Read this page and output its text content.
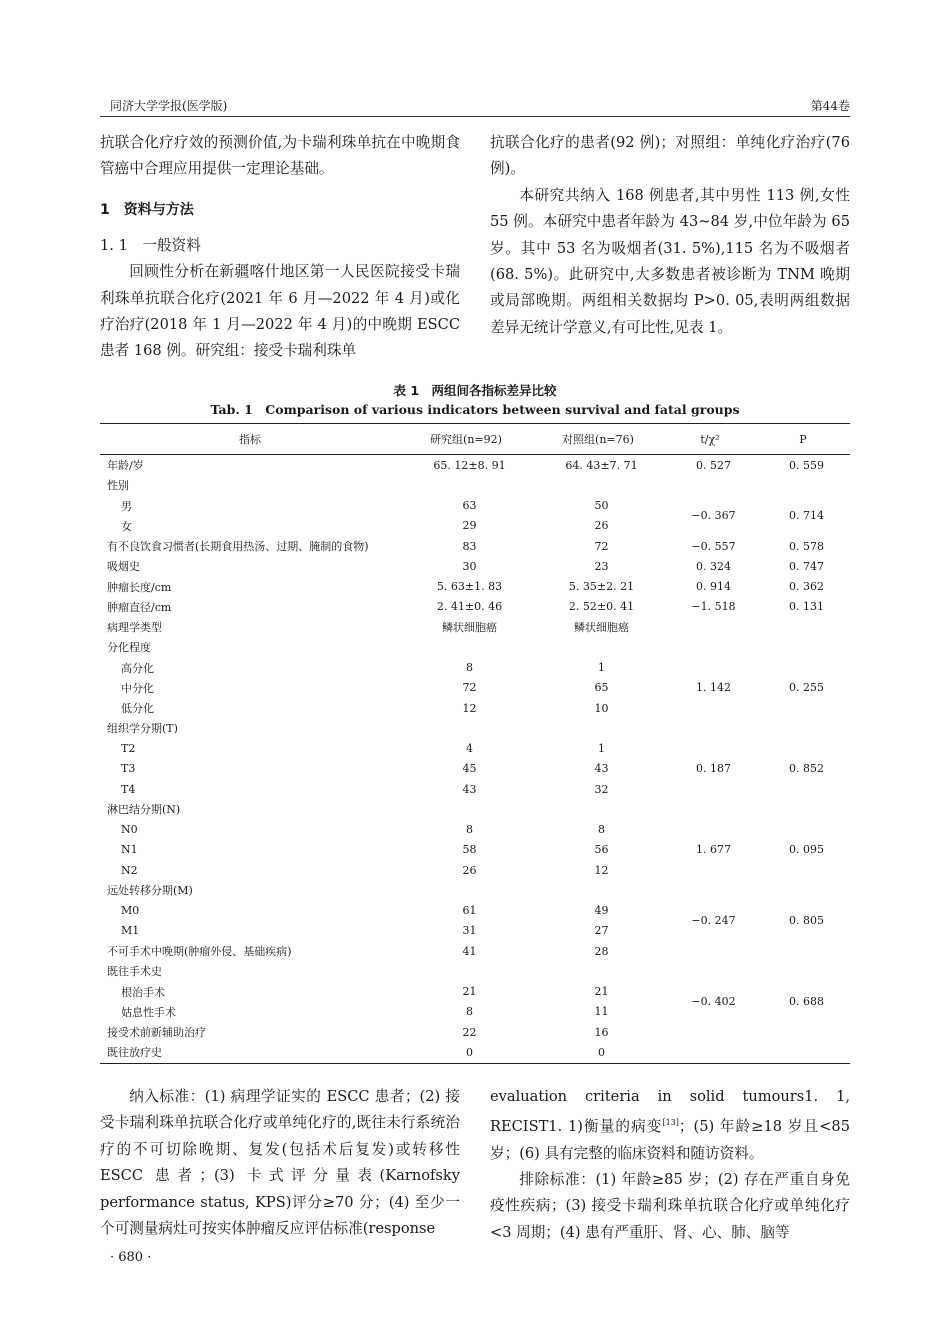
同济大学学报(医学版)	第44卷

抗联合化疗疗效的预测价值,为卡瑞利珠单抗在中晚期食管癌中合理应用提供一定理论基础。

1　资料与方法

1. 1　一般资料

回顾性分析在新疆喀什地区第一人民医院接受卡瑞利珠单抗联合化疗(2021 年 6 月—2022 年 4 月)或化疗治疗(2018 年 1 月—2022 年 4 月)的中晚期 ESCC 患者 168 例。研究组：接受卡瑞利珠单

抗联合化疗的患者(92 例)；对照组：单纯化疗治疗(76 例)。

本研究共纳入 168 例患者,其中男性 113 例,女性 55 例。本研究中患者年龄为 43~84 岁,中位年龄为 65 岁。其中 53 名为吸烟者(31. 5%),115 名为不吸烟者(68. 5%)。此研究中,大多数患者被诊断为 TNM 晚期或局部晚期。两组相关数据均 P>0. 05,表明两组数据差异无统计学意义,有可比性,见表 1。

表 1　两组间各指标差异比较
Tab. 1　Comparison of various indicators between survival and fatal groups
指标	研究组(n=92)	对照组(n=76)	t/χ²	P
年龄/岁	65. 12±8. 91	64. 43±7. 71	0. 527	0. 559
性别				
男	63	50	−0. 367	0. 714
女	29	26		
有不良饮食习惯者(长期食用热汤、过期、腌制的食物)	83	72	−0. 557	0. 578
吸烟史	30	23	0. 324	0. 747
肿瘤长度/cm	5. 63±1. 83	5. 35±2. 21	0. 914	0. 362
肿瘤直径/cm	2. 41±0. 46	2. 52±0. 41	−1. 518	0. 131
病理学类型	鳞状细胞癌	鳞状细胞癌		
分化程度				
高分化	8	1	1. 142	0. 255
中分化	72	65		
低分化	12	10		
组织学分期(T)				
T2	4	1	0. 187	0. 852
T3	45	43		
T4	43	32		
淋巴结分期(N)				
N0	8	8	1. 677	0. 095
N1	58	56		
N2	26	12		
远处转移分期(M)				
M0	61	49	−0. 247	0. 805
M1	31	27		
不可手术中晚期(肿瘤外侵、基础疾病)	41	28		
既往手术史				
根治手术	21	21	−0. 402	0. 688
姑息性手术	8	11		
接受术前新辅助治疗	22	16		
既往放疗史	0	0		

纳入标准：(1) 病理学证实的 ESCC 患者；(2) 接受卡瑞利珠单抗联合化疗或单纯化疗的,既往未行系统治疗的不可切除晚期、复发(包括术后复发)或转移性 ESCC 患者；(3) 卡式评分量表(Karnofsky performance status, KPS)评分≥70 分；(4) 至少一个可测量病灶可按实体肿瘤反应评估标准(response

evaluation criteria in solid tumours1. 1, RECIST1. 1)衡量的病变[13]；(5) 年龄≥18 岁且<85 岁；(6) 具有完整的临床资料和随访资料。

排除标准：(1) 年龄≥85 岁；(2) 存在严重自身免疫性疾病；(3) 接受卡瑞利珠单抗联合化疗或单纯化疗<3 周期；(4) 患有严重肝、肾、心、肺、脑等

· 680 ·
